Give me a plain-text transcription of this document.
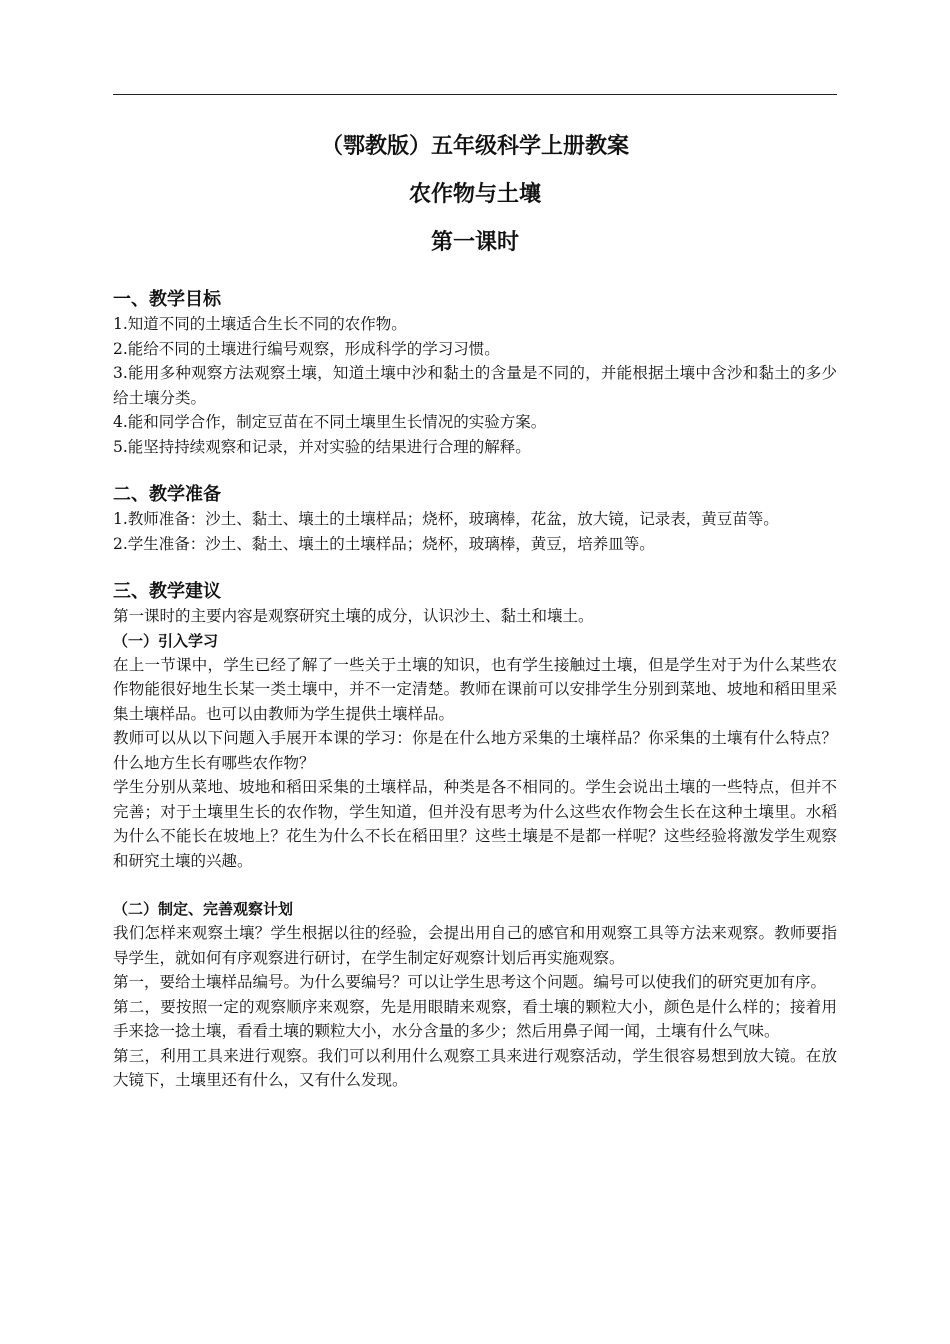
（鄂教版）五年级科学上册教案
农作物与土壤
第一课时
一、教学目标

1.知道不同的土壤适合生长不同的农作物。

2.能给不同的土壤进行编号观察，形成科学的学习习惯。

3.能用多种观察方法观察土壤，知道土壤中沙和黏土的含量是不同的，并能根据土壤中含沙和黏土的多少给土壤分类。

4.能和同学合作，制定豆苗在不同土壤里生长情况的实验方案。

5.能坚持持续观察和记录，并对实验的结果进行合理的解释。

二、教学准备

1.教师准备：沙土、黏土、壤土的土壤样品；烧杯，玻璃棒，花盆，放大镜，记录表，黄豆苗等。

2.学生准备：沙土、黏土、壤土的土壤样品；烧杯，玻璃棒，黄豆，培养皿等。

三、教学建议

第一课时的主要内容是观察研究土壤的成分，认识沙土、黏土和壤土。

（一）引入学习

在上一节课中，学生已经了解了一些关于土壤的知识，也有学生接触过土壤，但是学生对于为什么某些农作物能很好地生长某一类土壤中，并不一定清楚。教师在课前可以安排学生分别到菜地、坡地和稻田里采集土壤样品。也可以由教师为学生提供土壤样品。

教师可以从以下问题入手展开本课的学习：你是在什么地方采集的土壤样品？你采集的土壤有什么特点？什么地方生长有哪些农作物？

学生分别从菜地、坡地和稻田采集的土壤样品，种类是各不相同的。学生会说出土壤的一些特点，但并不完善；对于土壤里生长的农作物，学生知道，但并没有思考为什么这些农作物会生长在这种土壤里。水稻为什么不能长在坡地上？花生为什么不长在稻田里？这些土壤是不是都一样呢？这些经验将激发学生观察和研究土壤的兴趣。

（二）制定、完善观察计划

我们怎样来观察土壤？学生根据以往的经验，会提出用自己的感官和用观察工具等方法来观察。教师要指导学生，就如何有序观察进行研讨，在学生制定好观察计划后再实施观察。

第一，要给土壤样品编号。为什么要编号？可以让学生思考这个问题。编号可以使我们的研究更加有序。

第二，要按照一定的观察顺序来观察，先是用眼睛来观察，看土壤的颗粒大小，颜色是什么样的；接着用手来捻一捻土壤，看看土壤的颗粒大小，水分含量的多少；然后用鼻子闻一闻，土壤有什么气味。

第三，利用工具来进行观察。我们可以利用什么观察工具来进行观察活动，学生很容易想到放大镜。在放大镜下，土壤里还有什么，又有什么发现。
